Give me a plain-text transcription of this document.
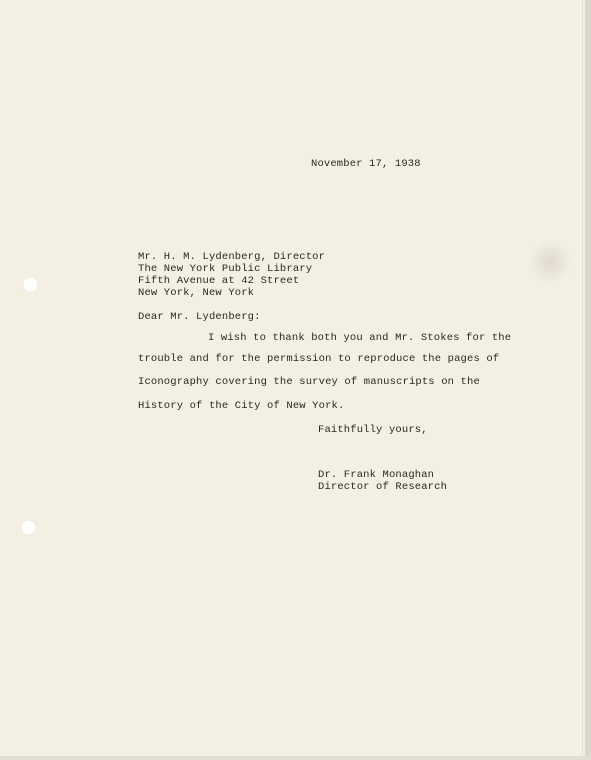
November 17, 1938

Mr. H. M. Lydenberg, Director

The New York Public Library

Fifth Avenue at 42 Street

New York, New York

Dear Mr. Lydenberg:

I wish to thank both you and Mr. Stokes for the

trouble and for the permission to reproduce the pages of

Iconography covering the survey of manuscripts on the

History of the City of New York.

Faithfully yours,

Dr. Frank Monaghan

Director of Research
